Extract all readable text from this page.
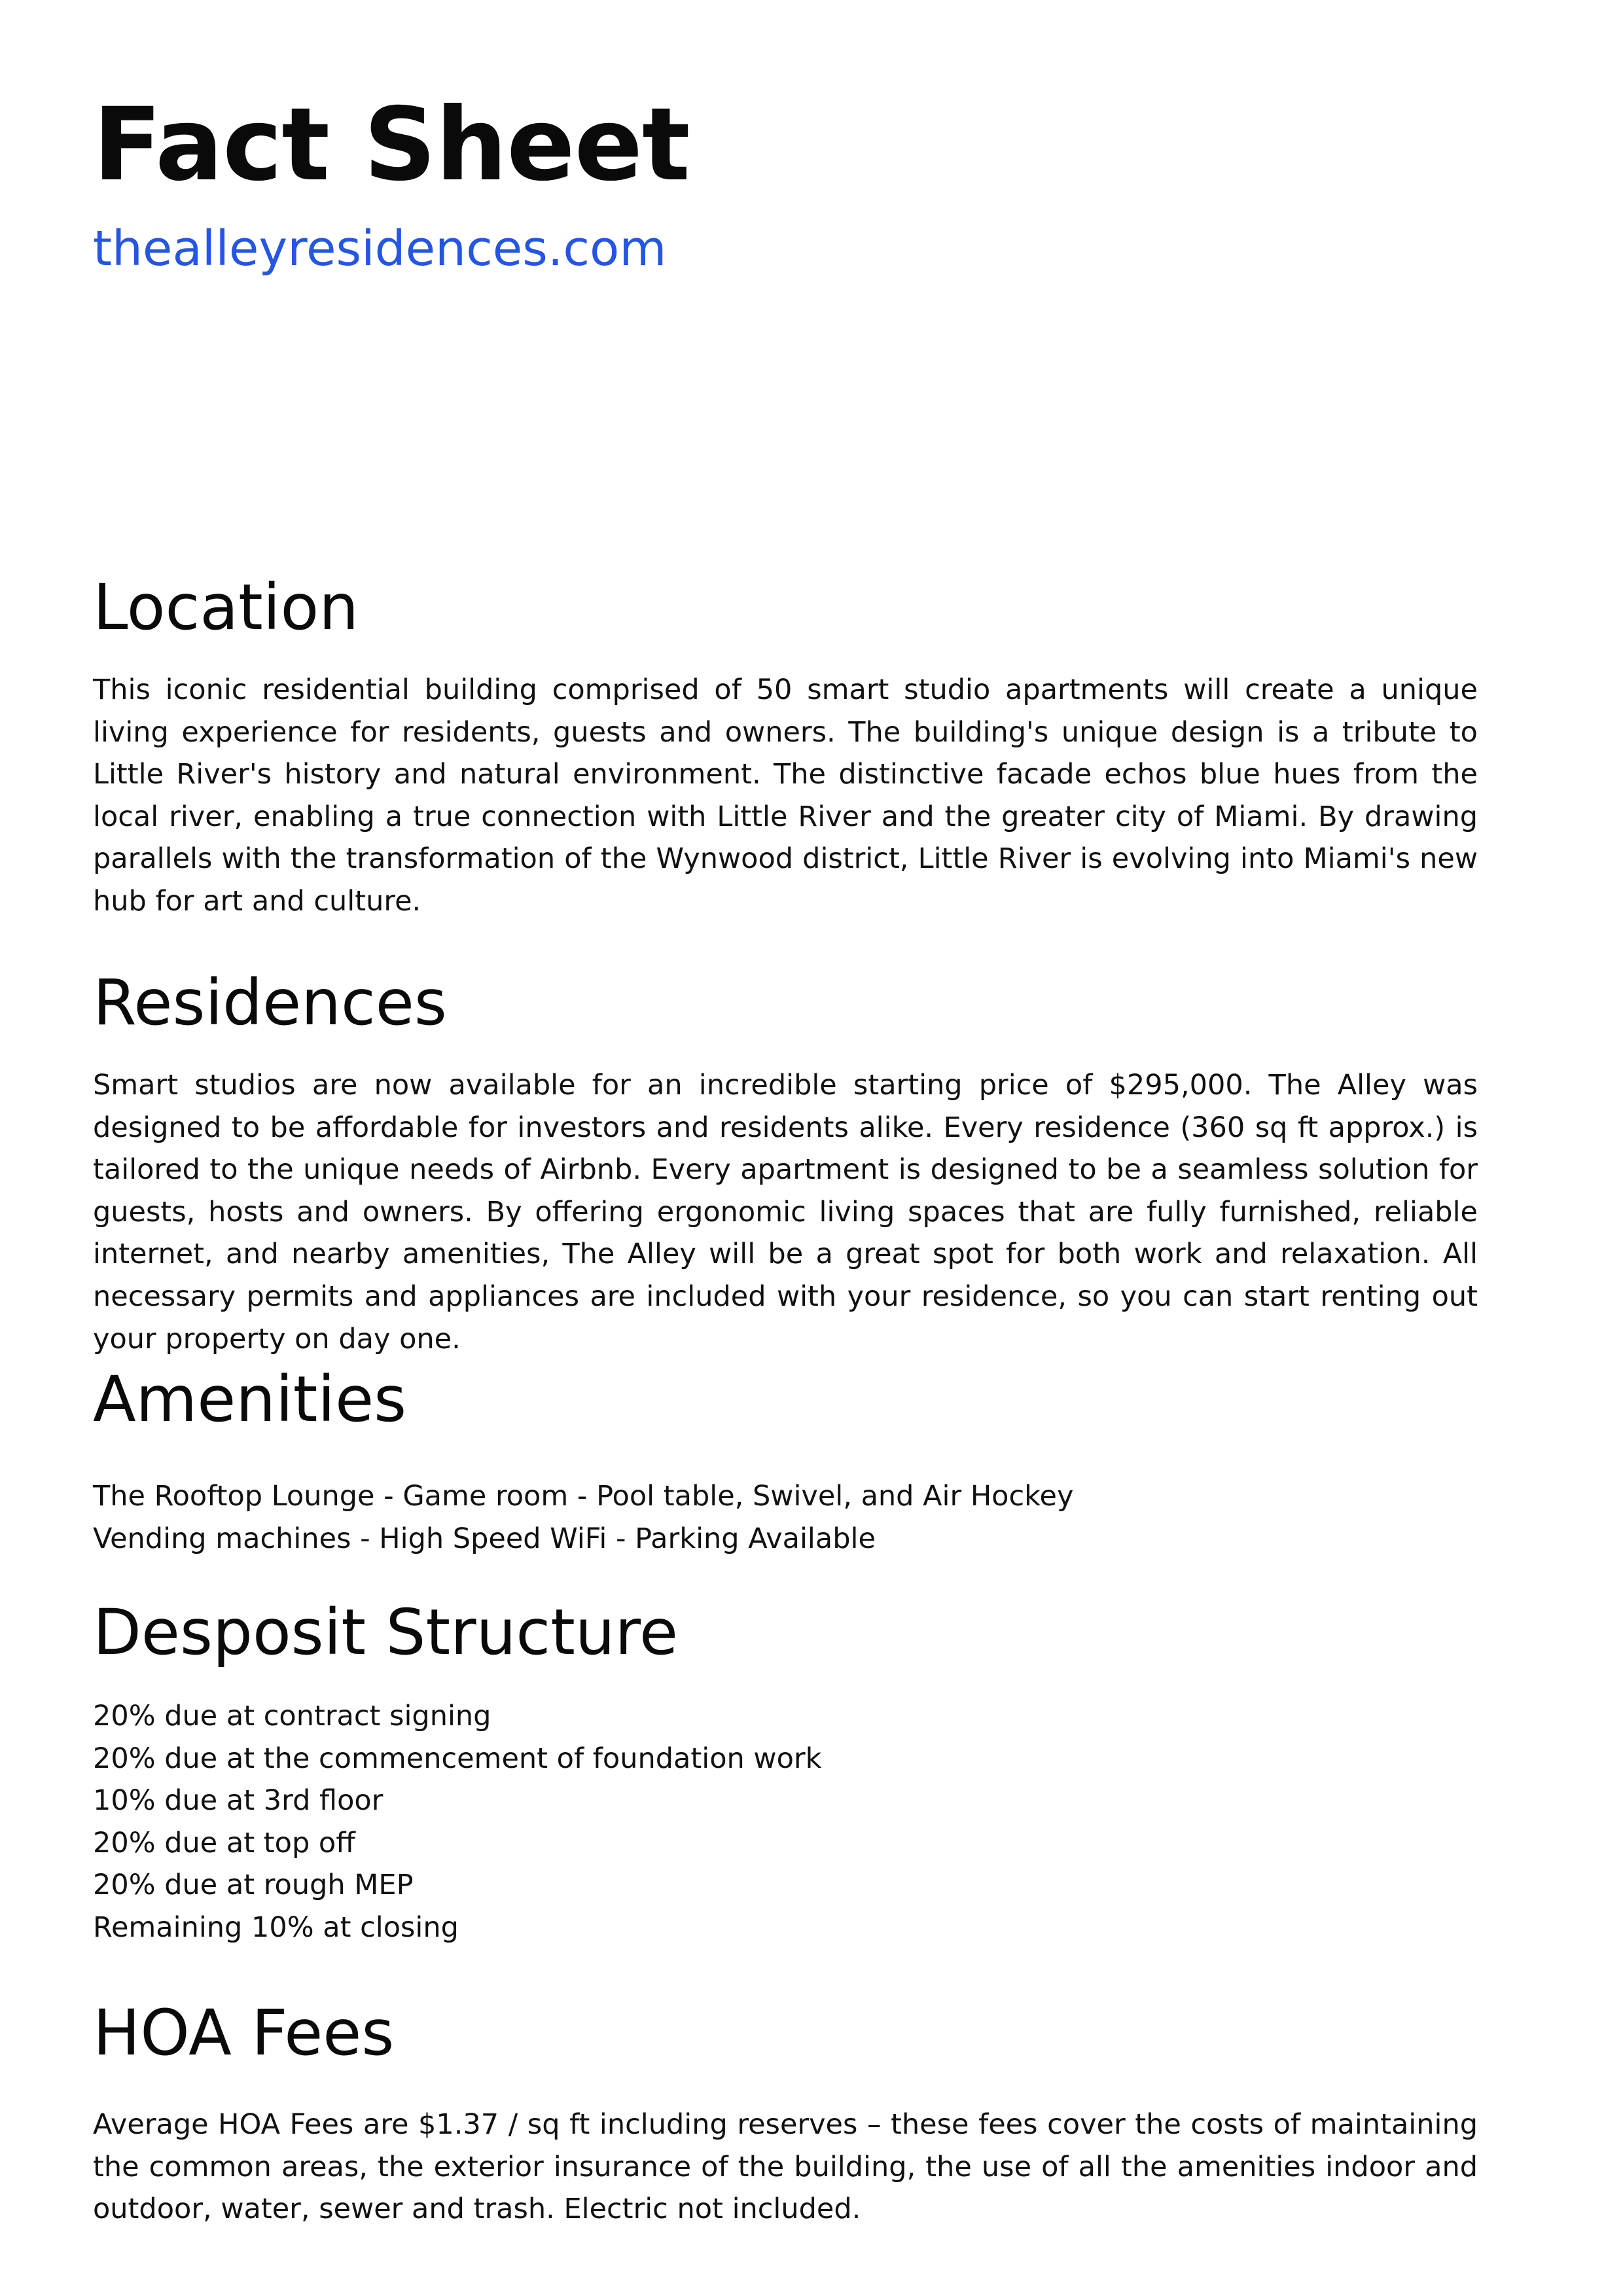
Fact Sheet
thealleyresidences.com
Location

This iconic residential building comprised of 50 smart studio apartments will create a unique living experience for residents, guests and owners. The building's unique design is a tribute to Little River's history and natural environment. The distinctive facade echos blue hues from the local river, enabling a true connection with Little River and the greater city of Miami. By drawing parallels with the transformation of the Wynwood district, Little River is evolving into Miami's new hub for art and culture.

Residences

Smart studios are now available for an incredible starting price of $295,000. The Alley was designed to be affordable for investors and residents alike. Every residence (360 sq ft approx.) is tailored to the unique needs of Airbnb. Every apartment is designed to be a seamless solution for guests, hosts and owners. By offering ergonomic living spaces that are fully furnished, reliable internet, and nearby amenities, The Alley will be a great spot for both work and relaxation. All necessary permits and appliances are included with your residence, so you can start renting out your property on day one.

Amenities
The Rooftop Lounge - Game room - Pool table, Swivel, and Air Hockey
Vending machines - High Speed WiFi - Parking Available
Desposit Structure
20% due at contract signing
20% due at the commencement of foundation work
10% due at 3rd floor
20% due at top off
20% due at rough MEP
Remaining 10% at closing
HOA Fees

Average HOA Fees are $1.37 / sq ft including reserves – these fees cover the costs of maintaining the common areas, the exterior insurance of the building, the use of all the amenities indoor and outdoor, water, sewer and trash. Electric not included.
